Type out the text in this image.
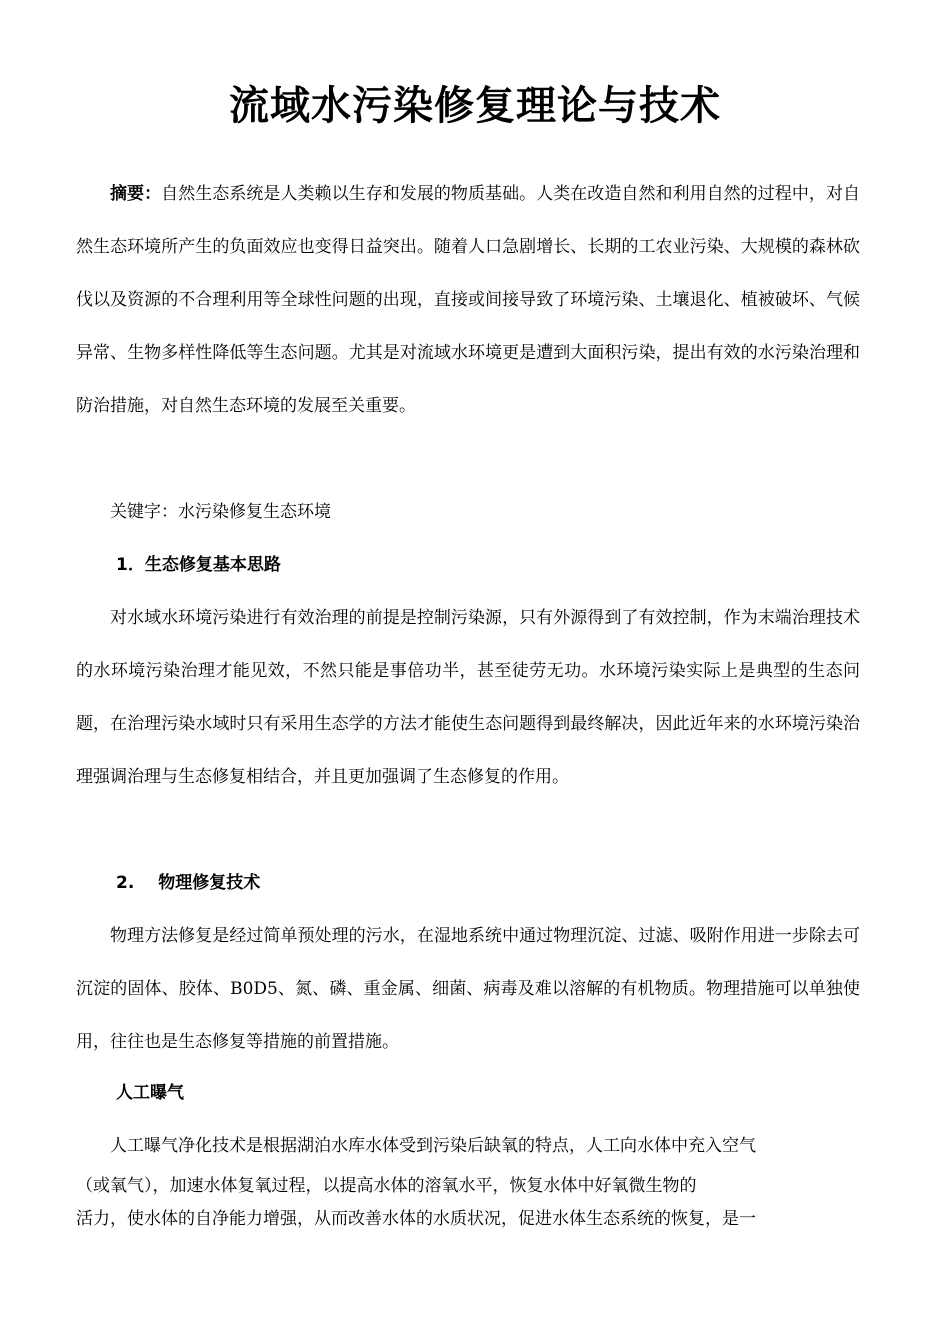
流域水污染修复理论与技术

摘要：自然生态系统是人类赖以生存和发展的物质基础。人类在改造自然和利用自然的过程中，对自然生态环境所产生的负面效应也变得日益突出。随着人口急剧增长、长期的工农业污染、大规模的森林砍伐以及资源的不合理利用等全球性问题的出现，直接或间接导致了环境污染、土壤退化、植被破坏、气候异常、生物多样性降低等生态问题。尤其是对流域水环境更是遭到大面积污染，提出有效的水污染治理和防治措施，对自然生态环境的发展至关重要。

关键字：水污染修复生态环境

1．生态修复基本思路

对水域水环境污染进行有效治理的前提是控制污染源，只有外源得到了有效控制，作为末端治理技术的水环境污染治理才能见效，不然只能是事倍功半，甚至徒劳无功。水环境污染实际上是典型的生态问题，在治理污染水域时只有采用生态学的方法才能使生态问题得到最终解决，因此近年来的水环境污染治理强调治理与生态修复相结合，并且更加强调了生态修复的作用。

2. 物理修复技术

物理方法修复是经过简单预处理的污水，在湿地系统中通过物理沉淀、过滤、吸附作用进一步除去可沉淀的固体、胶体、B0D5、氮、磷、重金属、细菌、病毒及难以溶解的有机物质。物理措施可以单独使用，往往也是生态修复等措施的前置措施。

人工曝气

人工曝气净化技术是根据湖泊水库水体受到污染后缺氧的特点，人工向水体中充入空气
（或氧气），加速水体复氧过程，以提高水体的溶氧水平，恢复水体中好氧微生物的
活力，使水体的自净能力增强，从而改善水体的水质状况，促进水体生态系统的恢复，是一
